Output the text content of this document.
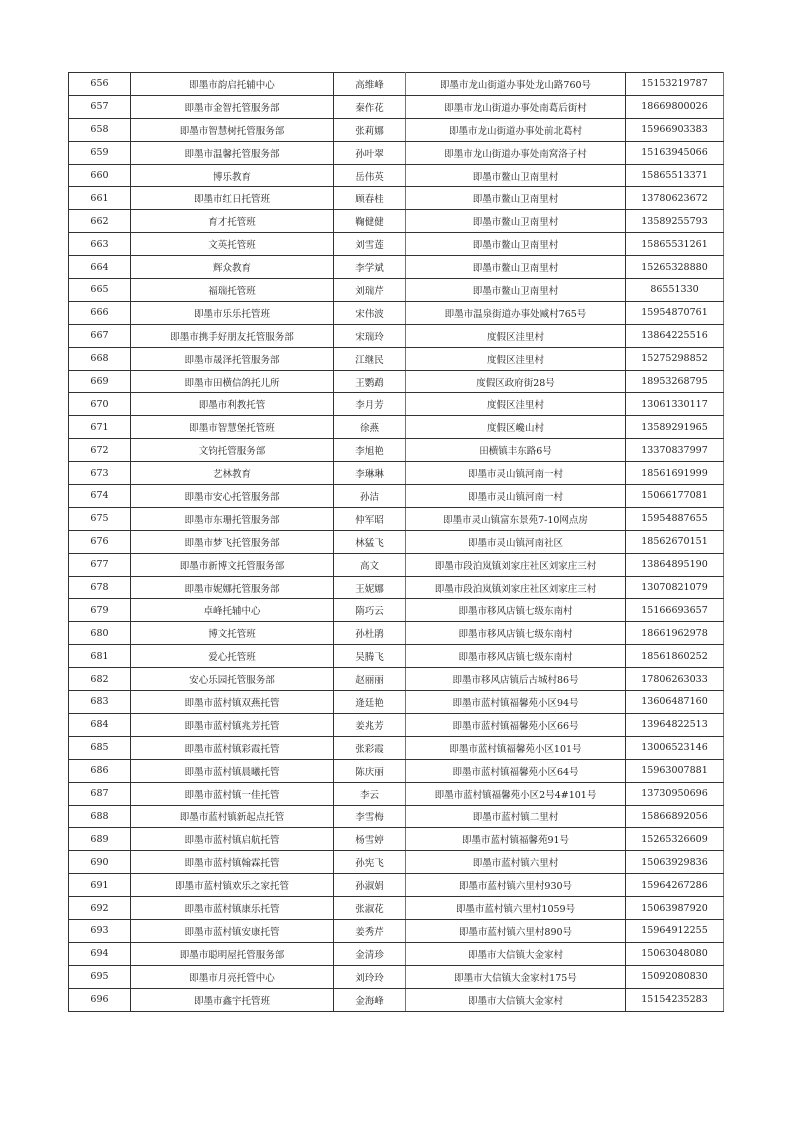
656	即墨市韵启托辅中心	高维峰	即墨市龙山街道办事处龙山路760号	15153219787
657	即墨市金智托管服务部	秦作花	即墨市龙山街道办事处南葛后街村	18669800026
658	即墨市智慧树托管服务部	张莉娜	即墨市龙山街道办事处前北葛村	15966903383
659	即墨市温馨托管服务部	孙叶翠	即墨市龙山街道办事处南窝洛子村	15163945066
660	博乐教育	岳伟英	即墨市鳌山卫南里村	15865513371
661	即墨市红日托管班	顾春桂	即墨市鳌山卫南里村	13780623672
662	育才托管班	鞠健健	即墨市鳌山卫南里村	13589255793
663	文英托管班	刘雪莲	即墨市鳌山卫南里村	15865531261
664	辉众教育	李学斌	即墨市鳌山卫南里村	15265328880
665	福瑞托管班	刘瑞芹	即墨市鳌山卫南里村	86551330
666	即墨市乐乐托管班	宋伟波	即墨市温泉街道办事处臧村765号	15954870761
667	即墨市携手好朋友托管服务部	宋瑞玲	度假区洼里村	13864225516
668	即墨市晟泽托管服务部	江继民	度假区洼里村	15275298852
669	即墨市田横信鸽托儿所	王鹦鹉	度假区政府街28号	18953268795
670	即墨市利教托管	李月芳	度假区洼里村	13061330117
671	即墨市智慧堡托管班	徐燕	度假区巉山村	13589291965
672	文钧托管服务部	李旭艳	田横镇丰东路6号	13370837997
673	艺林教育	李琳琳	即墨市灵山镇河南一村	18561691999
674	即墨市安心托管服务部	孙洁	即墨市灵山镇河南一村	15066177081
675	即墨市东珊托管服务部	仲军昭	即墨市灵山镇富东景苑7-10网点房	15954887655
676	即墨市梦飞托管服务部	林猛飞	即墨市灵山镇河南社区	18562670151
677	即墨市新博文托管服务部	高文	即墨市段泊岚镇刘家庄社区刘家庄三村	13864895190
678	即墨市妮娜托管服务部	王妮娜	即墨市段泊岚镇刘家庄社区刘家庄三村	13070821079
679	卓峰托辅中心	隋巧云	即墨市移风店镇七级东南村	15166693657
680	博文托管班	孙杜鹃	即墨市移风店镇七级东南村	18661962978
681	爱心托管班	吴腾飞	即墨市移风店镇七级东南村	18561860252
682	安心乐园托管服务部	赵丽丽	即墨市移风店镇后古城村86号	17806263033
683	即墨市蓝村镇双燕托管	逄廷艳	即墨市蓝村镇福馨苑小区94号	13606487160
684	即墨市蓝村镇兆芳托管	姜兆芳	即墨市蓝村镇福馨苑小区66号	13964822513
685	即墨市蓝村镇彩霞托管	张彩霞	即墨市蓝村镇福馨苑小区101号	13006523146
686	即墨市蓝村镇晨曦托管	陈庆丽	即墨市蓝村镇福馨苑小区64号	15963007881
687	即墨市蓝村镇一佳托管	李云	即墨市蓝村镇福馨苑小区2号4#101号	13730950696
688	即墨市蓝村镇新起点托管	李雪梅	即墨市蓝村镇二里村	15866892056
689	即墨市蓝村镇启航托管	杨雪婷	即墨市蓝村镇福馨苑91号	15265326609
690	即墨市蓝村镇翰霖托管	孙宪飞	即墨市蓝村镇六里村	15063929836
691	即墨市蓝村镇欢乐之家托管	孙淑娟	即墨市蓝村镇六里村930号	15964267286
692	即墨市蓝村镇康乐托管	张淑花	即墨市蓝村镇六里村1059号	15063987920
693	即墨市蓝村镇安康托管	姜秀芹	即墨市蓝村镇六里村890号	15964912255
694	即墨市聪明屋托管服务部	金清珍	即墨市大信镇大金家村	15063048080
695	即墨市月亮托管中心	刘玲玲	即墨市大信镇大金家村175号	15092080830
696	即墨市鑫宇托管班	金海峰	即墨市大信镇大金家村	15154235283
